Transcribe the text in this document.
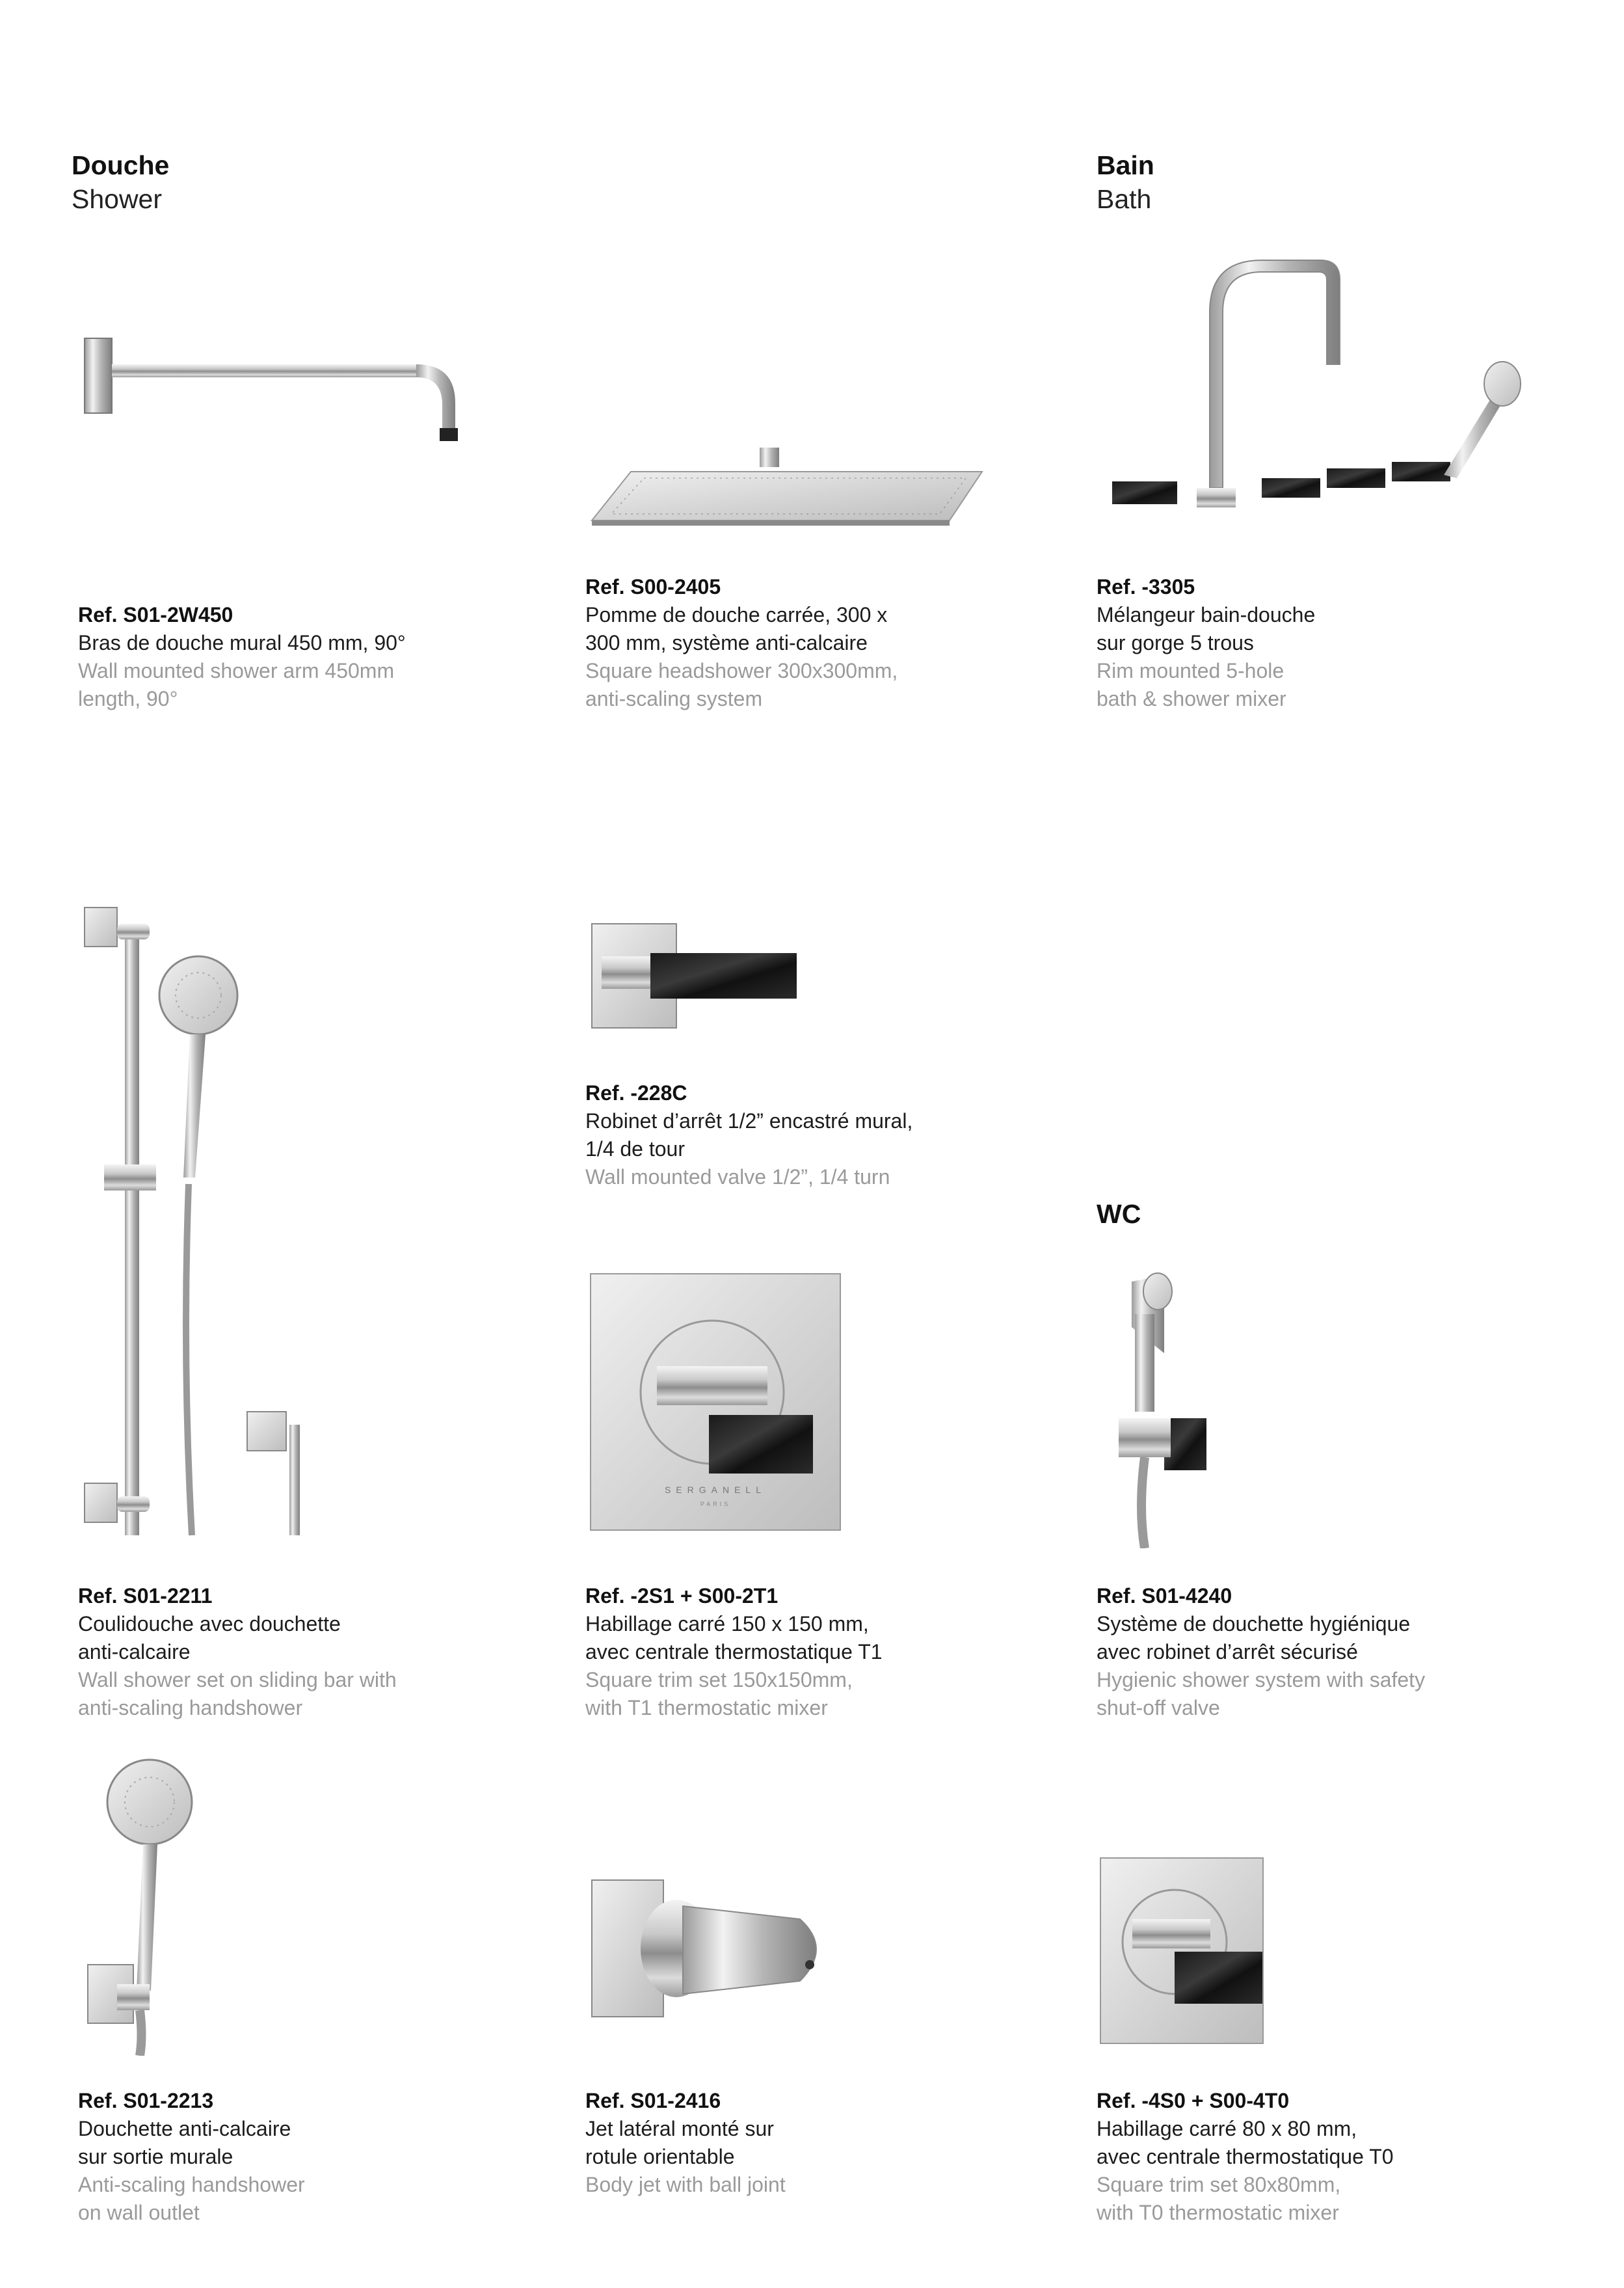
Douche
Shower
Bain
Bath
WC
SERGANELL
PARIS
Ref. S01-2W450
Bras de douche mural 450 mm, 90°
Wall mounted shower arm 450mm
length, 90°
Ref. S00-2405
Pomme de douche carrée, 300 x
300 mm, système anti-calcaire
Square headshower 300x300mm,
anti-scaling system
Ref. -3305
Mélangeur bain-douche
sur gorge 5 trous
Rim mounted 5-hole
bath & shower mixer
Ref. -228C
Robinet d’arrêt 1/2” encastré mural,
1/4 de tour
Wall mounted valve 1/2”, 1/4 turn
Ref. S01-2211
Coulidouche avec douchette
anti-calcaire
Wall shower set on sliding bar with
anti-scaling handshower
Ref. -2S1 + S00-2T1
Habillage carré 150 x 150 mm,
avec centrale thermostatique T1
Square trim set 150x150mm,
with T1 thermostatic mixer
Ref. S01-4240
Système de douchette hygiénique
avec robinet d’arrêt sécurisé
Hygienic shower system with safety
shut-off valve
Ref. S01-2213
Douchette anti-calcaire
sur sortie murale
Anti-scaling handshower
on wall outlet
Ref. S01-2416
Jet latéral monté sur
rotule orientable
Body jet with ball joint
Ref. -4S0 + S00-4T0
Habillage carré 80 x 80 mm,
avec centrale thermostatique T0
Square trim set 80x80mm,
with T0 thermostatic mixer
